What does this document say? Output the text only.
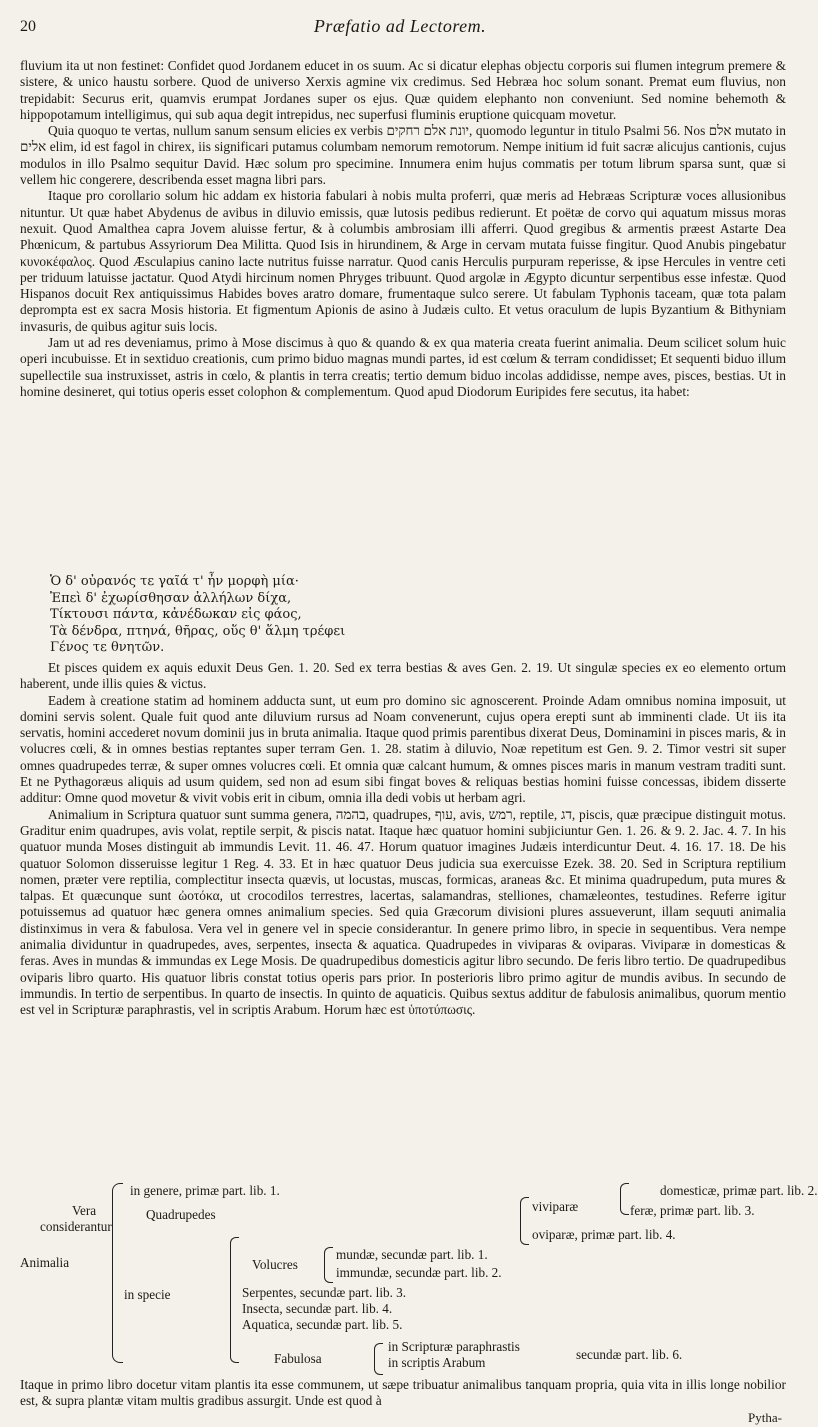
20	Præfatio ad Lectorem.

fluvium ita ut non festinet: Confidet quod Jordanem educet in os suum. Ac si dicatur elephas objectu corporis sui flumen integrum premere & sistere, & unico haustu sorbere. Quod de universo Xerxis agmine vix credimus. Sed Hebræa hoc solum sonant. Premat eum fluvius, non trepidabit: Securus erit, quamvis erumpat Jordanes super os ejus. Quæ quidem elephanto non conveniunt. Sed nomine behemoth & hippopotamum intelligimus, qui sub aqua degit intrepidus, nec superfusi fluminis eruptione quicquam movetur.

Quia quoquo te vertas, nullum sanum sensum elicies ex verbis יונת אלם רחקים, quomodo leguntur in titulo Psalmi 56. Nos אלם mutato in אלים elim, id est fagol in chirex, iis significari putamus columbam nemorum remotorum. Nempe initium id fuit sacræ alicujus cantionis, cujus modulos in illo Psalmo sequitur David. Hæc solum pro specimine. Innumera enim hujus commatis per totum librum sparsa sunt, quæ si vellem hic congerere, describenda esset magna libri pars.

Itaque pro corollario solum hic addam ex historia fabulari à nobis multa proferri, quæ meris ad Hebræas Scripturæ voces allusionibus nituntur. Ut quæ habet Abydenus de avibus in diluvio emissis, quæ lutosis pedibus redierunt. Et poëtæ de corvo qui aquatum missus moras nexuit. Quod Amalthea capra Jovem aluisse fertur, & à columbis ambrosiam illi afferri. Quod gregibus & armentis præest Astarte Dea Phœnicum, & partubus Assyriorum Dea Militta. Quod Isis in hirundinem, & Arge in cervam mutata fuisse fingitur. Quod Anubis pingebatur κυνοκέφαλος. Quod Æsculapius canino lacte nutritus fuisse narratur. Quod canis Herculis purpuram reperisse, & ipse Hercules in ventre ceti per triduum latuisse jactatur. Quod Atydi hircinum nomen Phryges tribuunt. Quod argolæ in Ægypto dicuntur serpentibus esse infestæ. Quod Hispanos docuit Rex antiquissimus Habides boves aratro domare, frumentaque sulco serere. Ut fabulam Typhonis taceam, quæ tota palam deprompta est ex sacra Mosis historia. Et figmentum Apionis de asino à Judæis culto. Et vetus oraculum de lupis Byzantium & Bithyniam invasuris, de quibus agitur suis locis.

Jam ut ad res deveniamus, primo à Mose discimus à quo & quando & ex qua materia creata fuerint animalia. Deum scilicet solum huic operi incubuisse. Et in sextiduo creationis, cum primo biduo magnas mundi partes, id est cœlum & terram condidisset; Et sequenti biduo illum supellectile sua instruxisset, astris in cœlo, & plantis in terra creatis; tertio demum biduo incolas addidisse, nempe aves, pisces, bestias. Ut in homine desineret, qui totius operis esset colophon & complementum. Quod apud Diodorum Euripides fere secutus, ita habet:

Ὁ δ' οὐρανός τε γαῖά τ' ἦν μορφὴ μία·
Ἐπεὶ δ' ἐχωρίσθησαν ἀλλήλων δίχα,
Τίκτουσι πάντα, κἀνέδωκαν εἰς φάος,
Τὰ δένδρα, πτηνά, θῆρας, οὕς θ' ἅλμη τρέφει
Γένος τε θνητῶν.

Et pisces quidem ex aquis eduxit Deus Gen. 1. 20. Sed ex terra bestias & aves Gen. 2. 19. Ut singulæ species ex eo elemento ortum haberent, unde illis quies & victus.

Eadem à creatione statim ad hominem adducta sunt, ut eum pro domino sic agnoscerent. Proinde Adam omnibus nomina imposuit, ut domini servis solent. Quale fuit quod ante diluvium rursus ad Noam convenerunt, cujus opera erepti sunt ab imminenti clade. Ut iis ita servatis, homini accederet novum dominii jus in bruta animalia. Itaque quod primis parentibus dixerat Deus, Dominamini in pisces maris, & in volucres cœli, & in omnes bestias reptantes super terram Gen. 1. 28. statim à diluvio, Noæ repetitum est Gen. 9. 2. Timor vestri sit super omnes quadrupedes terræ, & super omnes volucres cœli. Et omnia quæ calcant humum, & omnes pisces maris in manum vestram traditi sunt. Et ne Pythagoræus aliquis ad usum quidem, sed non ad esum sibi fingat boves & reliquas bestias homini fuisse concessas, ibidem disserte additur: Omne quod movetur & vivit vobis erit in cibum, omnia illa dedi vobis ut herbam agri.

Animalium in Scriptura quatuor sunt summa genera, בהמה, quadrupes, עוף, avis, רמש, reptile, דג, piscis, quæ præcipue distinguit motus. Graditur enim quadrupes, avis volat, reptile serpit, & piscis natat. Itaque hæc quatuor homini subjiciuntur Gen. 1. 26. & 9. 2. Jac. 4. 7. In his quatuor munda Moses distinguit ab immundis Levit. 11. 46. 47. Horum quatuor imagines Judæis interdicuntur Deut. 4. 16. 17. 18. De his quatuor Solomon disseruisse legitur 1 Reg. 4. 33. Et in hæc quatuor Deus judicia sua exercuisse Ezek. 38. 20. Sed in Scriptura reptilium nomen, præter vere reptilia, complectitur insecta quævis, ut locustas, muscas, formicas, araneas &c. Et minima quadrupedum, puta mures & talpas. Et quæcunque sunt ὠοτόκα, ut crocodilos terrestres, lacertas, salamandras, stelliones, chamæleontes, testudines. Referre igitur potuissemus ad quatuor hæc genera omnes animalium species. Sed quia Græcorum divisioni plures assueverunt, illam sequuti animalia distinximus in vera & fabulosa. Vera vel in genere vel in specie considerantur. In genere primo libro, in specie in sequentibus. Vera nempe animalia dividuntur in quadrupedes, aves, serpentes, insecta & aquatica. Quadrupedes in viviparas & oviparas. Viviparæ in domesticas & feras. Aves in mundas & immundas ex Lege Mosis. De quadrupedibus domesticis agitur libro secundo. De feris libro tertio. De quadrupedibus oviparis libro quarto. His quatuor libris constat totius operis pars prior. In posterioris libro primo agitur de mundis avibus. In secundo de immundis. In tertio de serpentibus. In quarto de insectis. In quinto de aquaticis. Quibus sextus additur de fabulosis animalibus, quorum mentio est vel in Scripturæ paraphrastis, vel in scriptis Arabum. Horum hæc est ὑποτύπωσις.

Animalia
Vera
considerantur
in genere, primæ part. lib. 1.	domesticæ, primæ part. lib. 2.
viviparæ
Quadrupedes	feræ, primæ part. lib. 3.
oviparæ, primæ part. lib. 4.
Volucres
mundæ, secundæ part. lib. 1.
immundæ, secundæ part. lib. 2.
in specie	Serpentes, secundæ part. lib. 3.
Insecta, secundæ part. lib. 4.
Aquatica, secundæ part. lib. 5.
Fabulosa
in Scripturæ paraphrastis
in scriptis Arabum
secundæ part. lib. 6.
Itaque in primo libro docetur vitam plantis ita esse communem, ut sæpe tribuatur animalibus tanquam propria, quia vita in illis longe nobilior est, & supra plantæ vitam multis gradibus assurgit. Unde est quod à
Pytha-
